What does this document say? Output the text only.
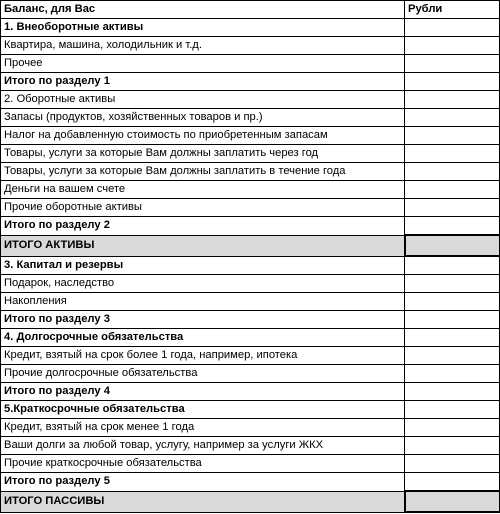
Баланс, для Вас	Рубли
1. Внеоборотные активы	
Квартира, машина, холодильник и т.д.	
Прочее	
Итого по разделу 1	
2. Оборотные активы	
Запасы (продуктов, хозяйственных товаров и пр.)	
Налог на добавленную стоимость по приобретенным запасам	
Товары, услуги за которые Вам должны заплатить через год	
Товары, услуги за которые Вам должны заплатить в течение года	
Деньги на вашем счете	
Прочие оборотные активы	
Итого по разделу 2	
ИТОГО АКТИВЫ	
3. Капитал и резервы	
Подарок, наследство	
Накопления	
Итого по разделу 3	
4. Долгосрочные обязательства	
Кредит, взятый на срок более 1 года, например, ипотека	
Прочие долгосрочные обязательства	
Итого по разделу 4	
5.Краткосрочные обязательства	
Кредит, взятый на срок менее 1 года	
Ваши долги за любой товар, услугу, например за услуги ЖКХ	
Прочие краткосрочные обязательства	
Итого по разделу 5	
ИТОГО ПАССИВЫ	
